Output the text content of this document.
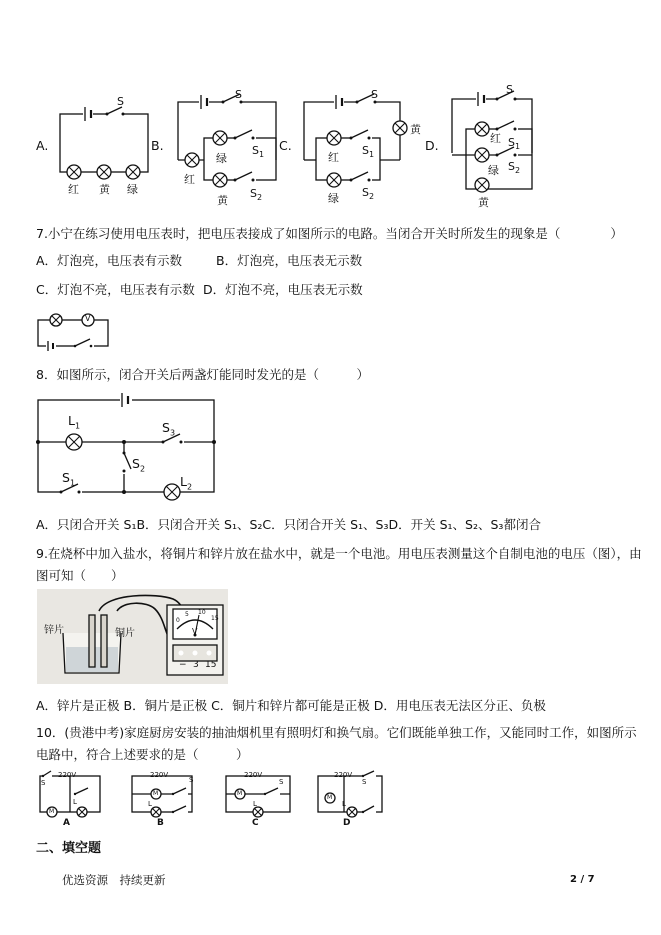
A.
S
红 黄 绿
B.
S
绿
$S_1$
红
黄
$S_2$
C.
S
黄
红
$S_1$
绿 $S_2$
D.
S
红 $S_1$
绿 $S_2$
黄
7.小宁在练习使用电压表时，把电压表接成了如图所示的电路。当闭合开关时所发生的现象是（　　　　）
A．灯泡亮，电压表有示数	B．灯泡亮，电压表无示数
C．灯泡不亮，电压表有示数 D．灯泡不亮，电压表无示数
V
8．如图所示，闭合开关后两盏灯能同时发光的是（　　　）
$L_1$	$S_3$
$S_2$
$S_1$	$L_2$
A．只闭合开关 S₁B．只闭合开关 S₁、S₂C．只闭合开关 S₁、S₃D．开关 S₁、S₂、S₃都闭合
9.在烧杯中加入盐水，将铜片和锌片放在盐水中，就是一个电池。用电压表测量这个自制电池的电压（图），由图可知（　　）
锌片	铜片
0
5 10
15
V
− 3 15
A．锌片是正极 B．铜片是正极 C．铜片和锌片都可能是正极 D．用电压表无法区分正、负极
10．(贵港中考)家庭厨房安装的抽油烟机里有照明灯和换气扇。它们既能单独工作，又能同时工作，如图所示电路中，符合上述要求的是（　　　）
220V	220V	220V	220V
M
M	M
M
L	L	L	L
S	S	S	S
A	B	C	D
二、填空题
优选资源　持续更新	2 / 7
